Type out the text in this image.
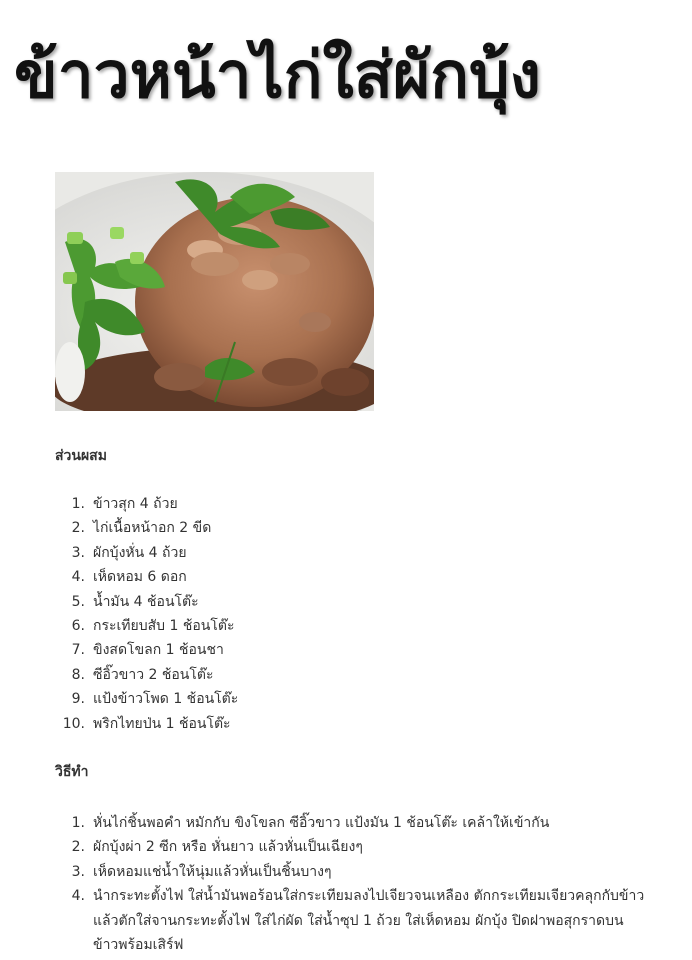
ข้าวหน้าไก่ใส่ผักบุ้ง
ส่วนผสม
1. ข้าวสุก 4 ถ้วย
2. ไก่เนื้อหน้าอก 2 ขีด
3. ผักบุ้งหั่น 4 ถ้วย
4. เห็ดหอม 6 ดอก
5. น้ำมัน 4 ช้อนโต๊ะ
6. กระเทียบสับ 1 ช้อนโต๊ะ
7. ขิงสดโขลก 1 ช้อนชา
8. ซีอิ๊วขาว 2 ช้อนโต๊ะ
9. แป้งข้าวโพด 1 ช้อนโต๊ะ
10. พริกไทยป่น 1 ช้อนโต๊ะ
วิธีทำ
1. หั่นไก่ชิ้นพอคำ หมักกับ ขิงโขลก ซีอิ๊วขาว แป้งมัน 1 ช้อนโต๊ะ เคล้าให้เข้ากัน
2. ผักบุ้งผ่า 2 ซีก หรือ หั่นยาว แล้วหั่นเป็นเฉียงๆ
3. เห็ดหอมแช่น้ำให้นุ่มแล้วหั่นเป็นชิ้นบางๆ
4. นำกระทะตั้งไฟ ใส่น้ำมันพอร้อนใส่กระเทียมลงไปเจียวจนเหลือง ตักกระเทียมเจียวคลุกกับข้าว แล้วตักใส่จานกระทะตั้งไฟ ใส่ไก่ผัด ใส่น้ำซุป 1 ถ้วย ใส่เห็ดหอม ผักบุ้ง ปิดฝาพอสุกราดบนข้าวพร้อมเสิร์ฟ
